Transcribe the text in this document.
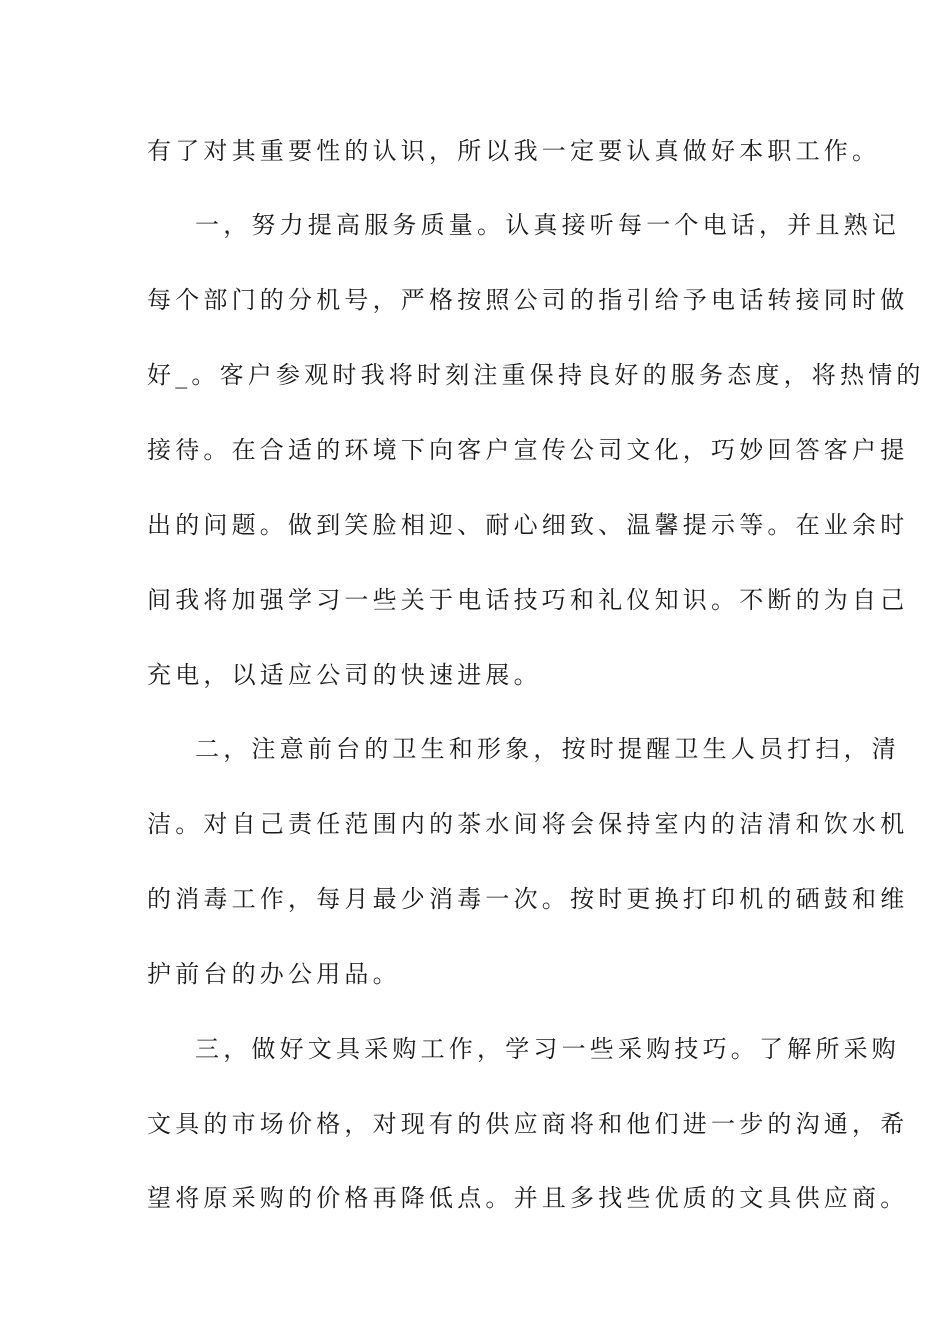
有了对其重要性的认识，所以我一定要认真做好本职工作。
一，努力提高服务质量。认真接听每一个电话，并且熟记
每个部门的分机号，严格按照公司的指引给予电话转接同时做
好_。客户参观时我将时刻注重保持良好的服务态度，将热情的
接待。在合适的环境下向客户宣传公司文化，巧妙回答客户提
出的问题。做到笑脸相迎、耐心细致、温馨提示等。在业余时
间我将加强学习一些关于电话技巧和礼仪知识。不断的为自己
充电，以适应公司的快速进展。
二，注意前台的卫生和形象，按时提醒卫生人员打扫，清
洁。对自己责任范围内的茶水间将会保持室内的洁清和饮水机
的消毒工作，每月最少消毒一次。按时更换打印机的硒鼓和维
护前台的办公用品。
三，做好文具采购工作，学习一些采购技巧。了解所采购
文具的市场价格，对现有的供应商将和他们进一步的沟通，希
望将原采购的价格再降低点。并且多找些优质的文具供应商。
